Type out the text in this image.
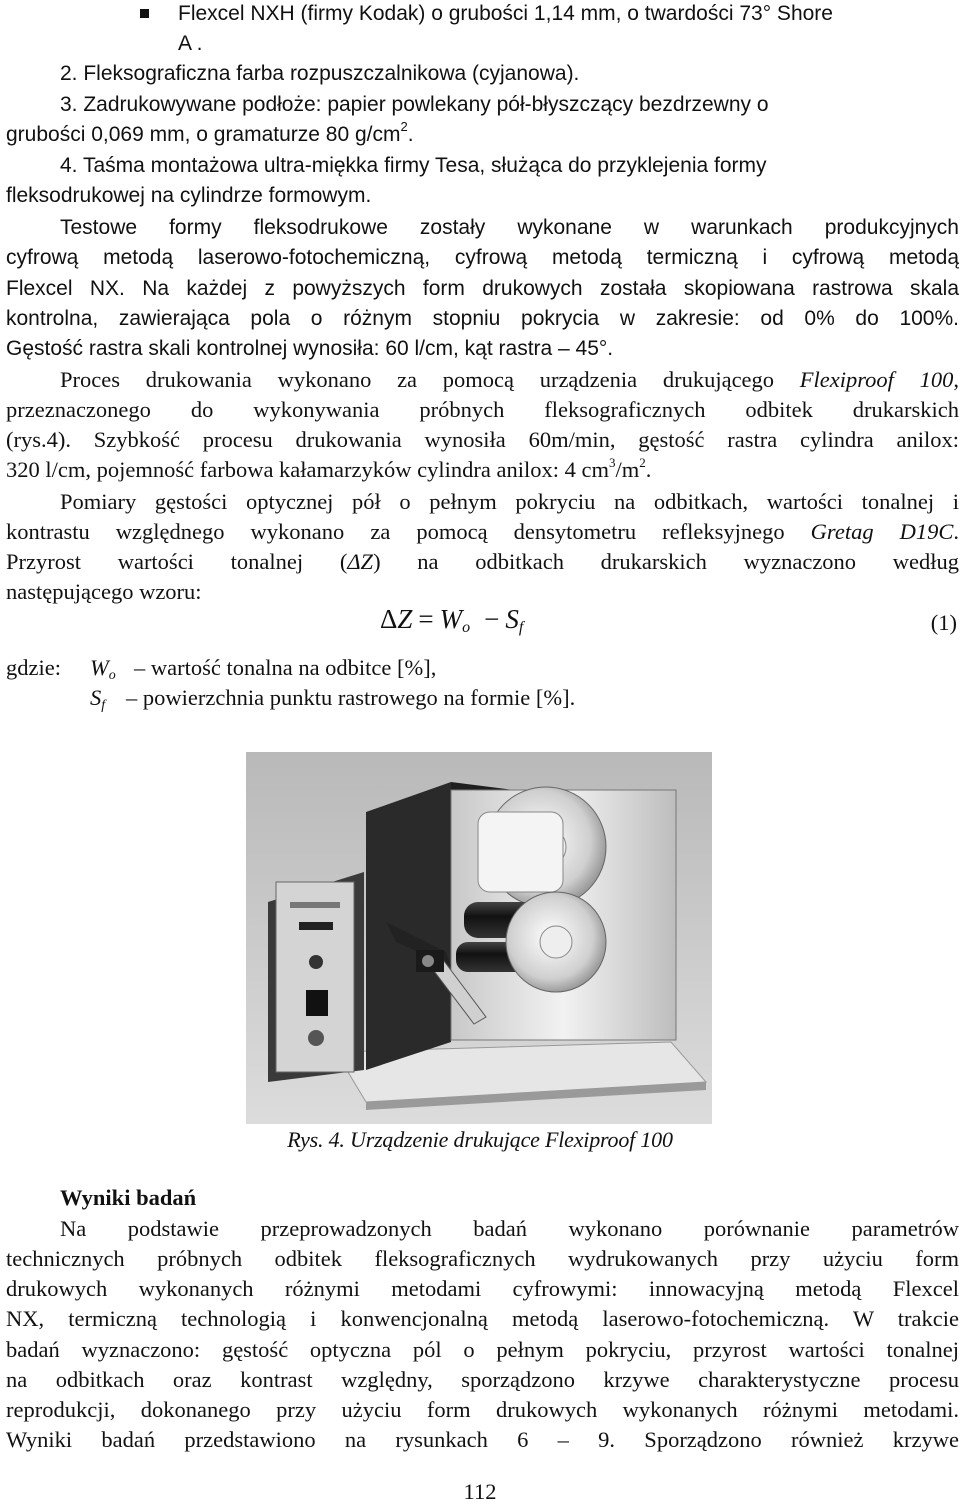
Flexcel NXH (firmy Kodak) o grubości 1,14 mm, o twardości 73° Shore
A .
2. Fleksograficzna farba rozpuszczalnikowa (cyjanowa).
3. Zadrukowywane podłoże: papier powlekany pół-błyszczący bezdrzewny o
grubości 0,069 mm, o gramaturze 80 $g/cm^2$.
4. Taśma montażowa ultra-miękka firmy Tesa, służąca do przyklejenia formy
fleksodrukowej na cylindrze formowym.
Testowe formy fleksodrukowe zostały wykonane w warunkach produkcyjnych
cyfrową metodą laserowo-fotochemiczną, cyfrową metodą termiczną i cyfrową metodą
Flexcel NX. Na każdej z powyższych form drukowych została skopiowana rastrowa skala
kontrolna, zawierająca pola o różnym stopniu pokrycia w zakresie: od 0% do 100%.
Gęstość rastra skali kontrolnej wynosiła: 60 l/cm, kąt rastra – 45°.
Proces drukowania wykonano za pomocą urządzenia drukującego Flexiproof 100,
przeznaczonego do wykonywania próbnych fleksograficznych odbitek drukarskich
(rys.4). Szybkość procesu drukowania wynosiła 60m/min, gęstość rastra cylindra anilox:
320 l/cm, pojemność farbowa kałamarzyków cylindra anilox: 4 $cm^3/m^2$.
Pomiary gęstości optycznej pół o pełnym pokryciu na odbitkach, wartości tonalnej i
kontrastu względnego wykonano za pomocą densytometru refleksyjnego Gretag D19C.
Przyrost wartości tonalnej (ΔZ) na odbitkach drukarskich wyznaczono według
następującego wzoru:
$\Delta Z = W_o - S_f$	(1)
gdzie: $W_o$ – wartość tonalna na odbitce [%],
$S_f$ – powierzchnia punktu rastrowego na formie [%].
Rys. 4. Urządzenie drukujące Flexiproof 100
Wyniki badań
Na podstawie przeprowadzonych badań wykonano porównanie parametrów
technicznych próbnych odbitek fleksograficznych wydrukowanych przy użyciu form
drukowych wykonanych różnymi metodami cyfrowymi: innowacyjną metodą Flexcel
NX, termiczną technologią i konwencjonalną metodą laserowo-fotochemiczną. W trakcie
badań wyznaczono: gęstość optyczna pól o pełnym pokryciu, przyrost wartości tonalnej
na odbitkach oraz kontrast względny, sporządzono krzywe charakterystyczne procesu
reprodukcji, dokonanego przy użyciu form drukowych wykonanych różnymi metodami.
Wyniki badań przedstawiono na rysunkach 6 – 9. Sporządzono również krzywe
112
